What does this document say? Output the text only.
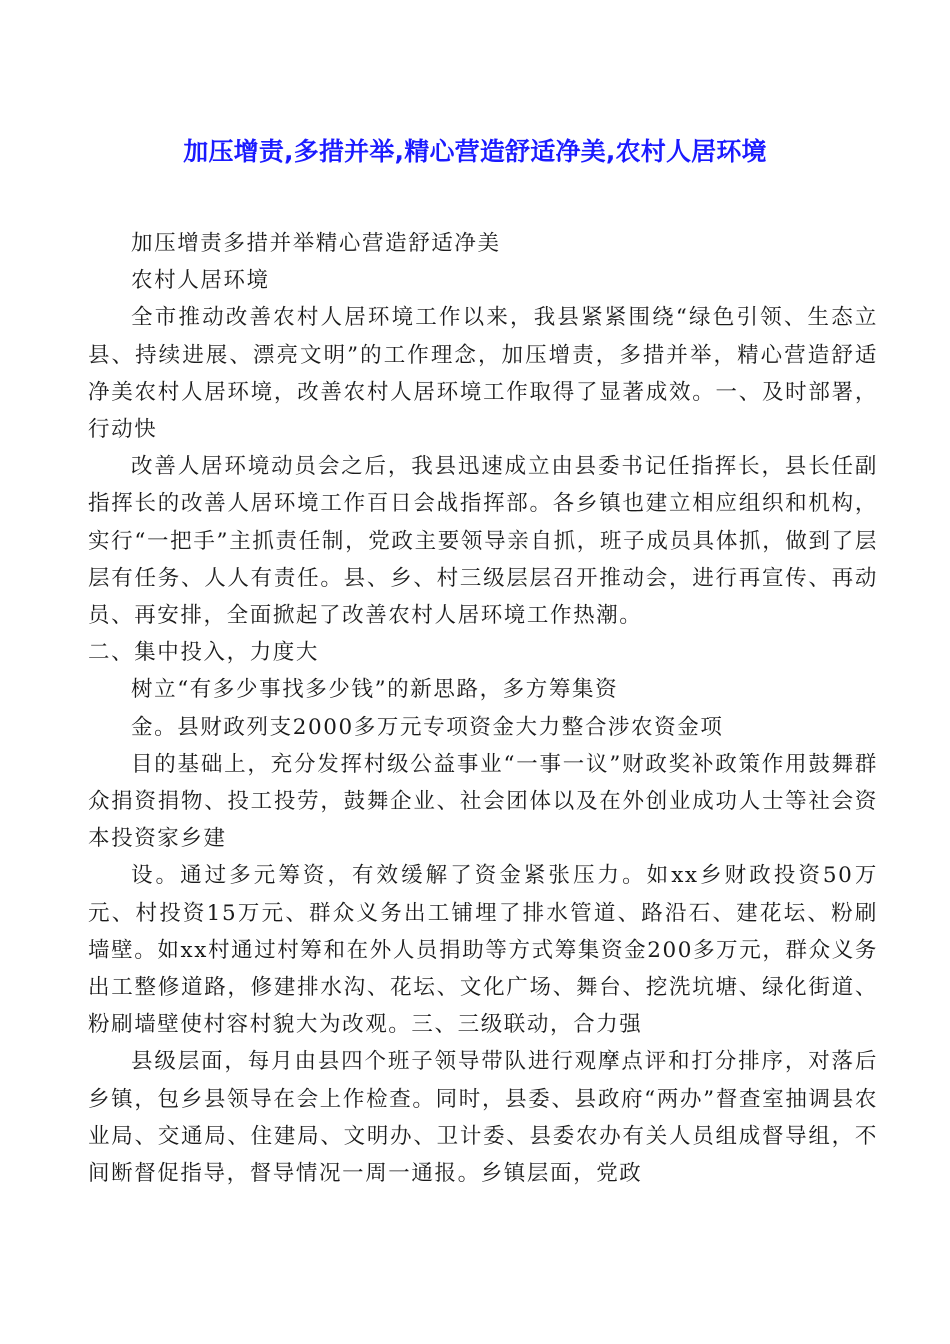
加压增责,多措并举,精心营造舒适净美,农村人居环境

加压增责多措并举精心营造舒适净美

农村人居环境

全市推动改善农村人居环境工作以来，我县紧紧围绕“绿色引领、生态立县、持续进展、漂亮文明”的工作理念，加压增责，多措并举，精心营造舒适净美农村人居环境，改善农村人居环境工作取得了显著成效。一、及时部署，行动快

改善人居环境动员会之后，我县迅速成立由县委书记任指挥长，县长任副指挥长的改善人居环境工作百日会战指挥部。各乡镇也建立相应组织和机构，实行“一把手”主抓责任制，党政主要领导亲自抓，班子成员具体抓，做到了层层有任务、人人有责任。县、乡、村三级层层召开推动会，进行再宣传、再动员、再安排，全面掀起了改善农村人居环境工作热潮。

二、集中投入，力度大

树立“有多少事找多少钱”的新思路，多方筹集资

金。县财政列支2000多万元专项资金大力整合涉农资金项

目的基础上，充分发挥村级公益事业“一事一议”财政奖补政策作用鼓舞群众捐资捐物、投工投劳，鼓舞企业、社会团体以及在外创业成功人士等社会资本投资家乡建

设。通过多元筹资，有效缓解了资金紧张压力。如xx乡财政投资50万元、村投资15万元、群众义务出工铺埋了排水管道、路沿石、建花坛、粉刷墙壁。如xx村通过村筹和在外人员捐助等方式筹集资金200多万元，群众义务出工整修道路，修建排水沟、花坛、文化广场、舞台、挖洗坑塘、绿化街道、粉刷墙壁使村容村貌大为改观。三、三级联动，合力强

县级层面，每月由县四个班子领导带队进行观摩点评和打分排序，对落后乡镇，包乡县领导在会上作检查。同时，县委、县政府“两办”督查室抽调县农业局、交通局、住建局、文明办、卫计委、县委农办有关人员组成督导组，不间断督促指导，督导情况一周一通报。乡镇层面，党政
